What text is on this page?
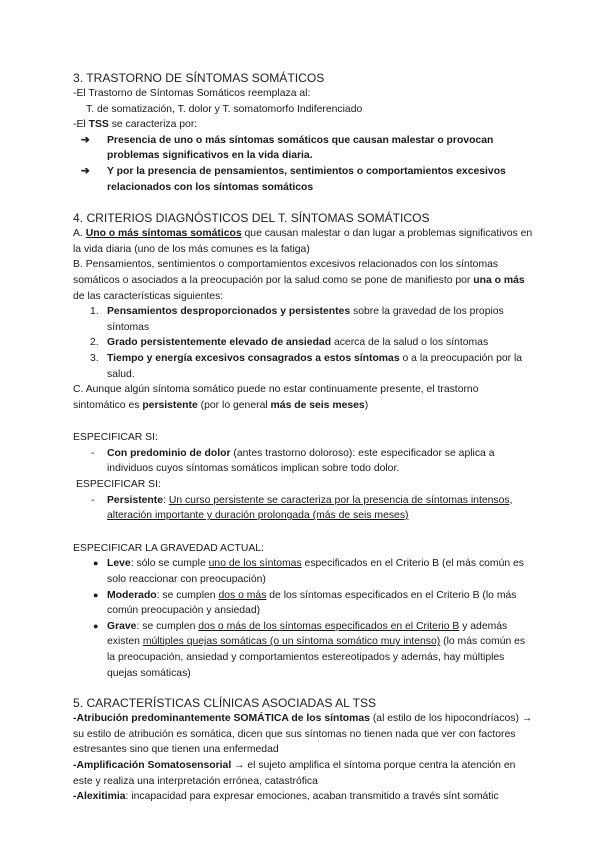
3. TRASTORNO DE SÍNTOMAS SOMÁTICOS

-El Trastorno de Síntomas Somáticos reemplaza al:

T. de somatización, T. dolor y T. somatomorfo Indiferenciado

-El TSS se caracteriza por:

➔	Presencia de uno o más síntomas somáticos que causan malestar o provocan problemas significativos en la vida diaria.
➔	Y por la presencia de pensamientos, sentimientos o comportamientos excesivos relacionados con los síntomas somáticos
4. CRITERIOS DIAGNÓSTICOS DEL T. SÍNTOMAS SOMÁTICOS

A. Uno o más síntomas somáticos que causan malestar o dan lugar a problemas significativos en la vida diaria (uno de los más comunes es la fatiga)

B. Pensamientos, sentimientos o comportamientos excesivos relacionados con los síntomas somáticos o asociados a la preocupación por la salud como se pone de manifiesto por una o más de las características siguientes:

1. Pensamientos desproporcionados y persistentes sobre la gravedad de los propios síntomas
2. Grado persistentemente elevado de ansiedad acerca de la salud o los síntomas
3. Tiempo y energía excesivos consagrados a estos síntomas o a la preocupación por la salud.

C. Aunque algún síntoma somático puede no estar continuamente presente, el trastorno sintomático es persistente (por lo general más de seis meses)

ESPECIFICAR SI:

-	Con predominio de dolor (antes trastorno doloroso): este especificador se aplica a individuos cuyos síntomas somáticos implican sobre todo dolor.

ESPECIFICAR SI:

-	Persistente: Un curso persistente se caracteriza por la presencia de síntomas intensos, alteración importante y duración prolongada (más de seis meses)

ESPECIFICAR LA GRAVEDAD ACTUAL:

● Leve: sólo se cumple uno de los síntomas especificados en el Criterio B (el más común es solo reaccionar con preocupación)
● Moderado: se cumplen dos o más de los síntomas especificados en el Criterio B (lo más común preocupación y ansiedad)
● Grave: se cumplen dos o más de los síntomas especificados en el Criterio B y además existen múltiples quejas somáticas (o un síntoma somático muy intenso) (lo más común es la preocupación, ansiedad y comportamientos estereotipados y además, hay múltiples quejas somáticas)
5. CARACTERÍSTICAS CLÍNICAS ASOCIADAS AL TSS

-Atribución predominantemente SOMÁTICA de los síntomas (al estilo de los hipocondríacos) → su estilo de atribución es somática, dicen que sus síntomas no tienen nada que ver con factores estresantes sino que tienen una enfermedad

-Amplificación Somatosensorial → el sujeto amplifica el síntoma porque centra la atención en este y realiza una interpretación errónea, catastrófica

-Alexitimia: incapacidad para expresar emociones, acaban transmitido a través sínt somátic
